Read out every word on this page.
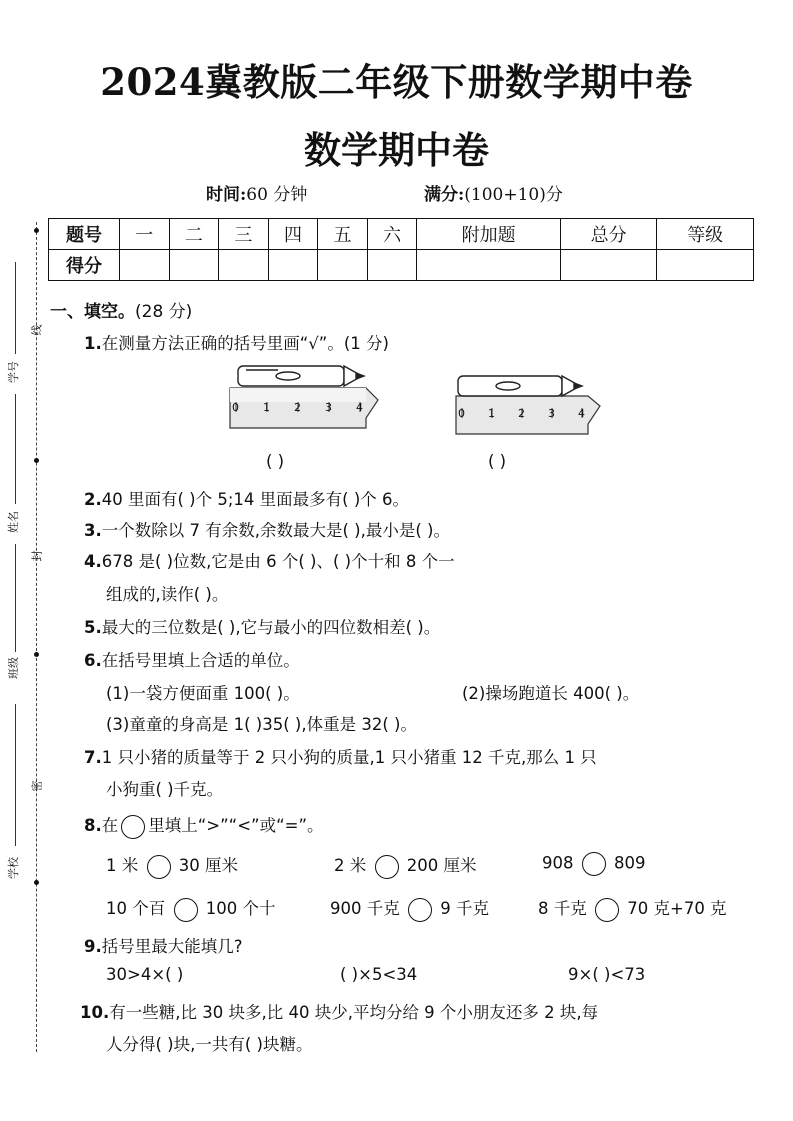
2024冀教版二年级下册数学期中卷
数学期中卷
时间:60 分钟	满分:(100+10)分
题号	一	二	三	四	五	六	附加题	总分	等级
得分									
学号
姓名
班级
学校
线
封
密
一、填空。(28 分)
1.在测量方法正确的括号里画“√”。(1 分)
0 1 2 3 4	0 1 2 3 4
( )	( )
2.40 里面有( )个 5;14 里面最多有( )个 6。
3.一个数除以 7 有余数,余数最大是( ),最小是( )。
4.678 是( )位数,它是由 6 个( )、( )个十和 8 个一
组成的,读作( )。
5.最大的三位数是( ),它与最小的四位数相差( )。
6.在括号里填上合适的单位。
(1)一袋方便面重 100( )。	(2)操场跑道长 400( )。
(3)童童的身高是 1( )35( ),体重是 32( )。
7.1 只小猪的质量等于 2 只小狗的质量,1 只小猪重 12 千克,那么 1 只
小狗重( )千克。
8.在 里填上“>”“<”或“=”。
1 米 30 厘米	2 米 200 厘米	908 809
10 个百 100 个十	900 千克 9 千克	8 千克 70 克+70 克
9.括号里最大能填几?
30>4×( )	( )×5<34	9×( )<73
10.有一些糖,比 30 块多,比 40 块少,平均分给 9 个小朋友还多 2 块,每
人分得( )块,一共有( )块糖。
